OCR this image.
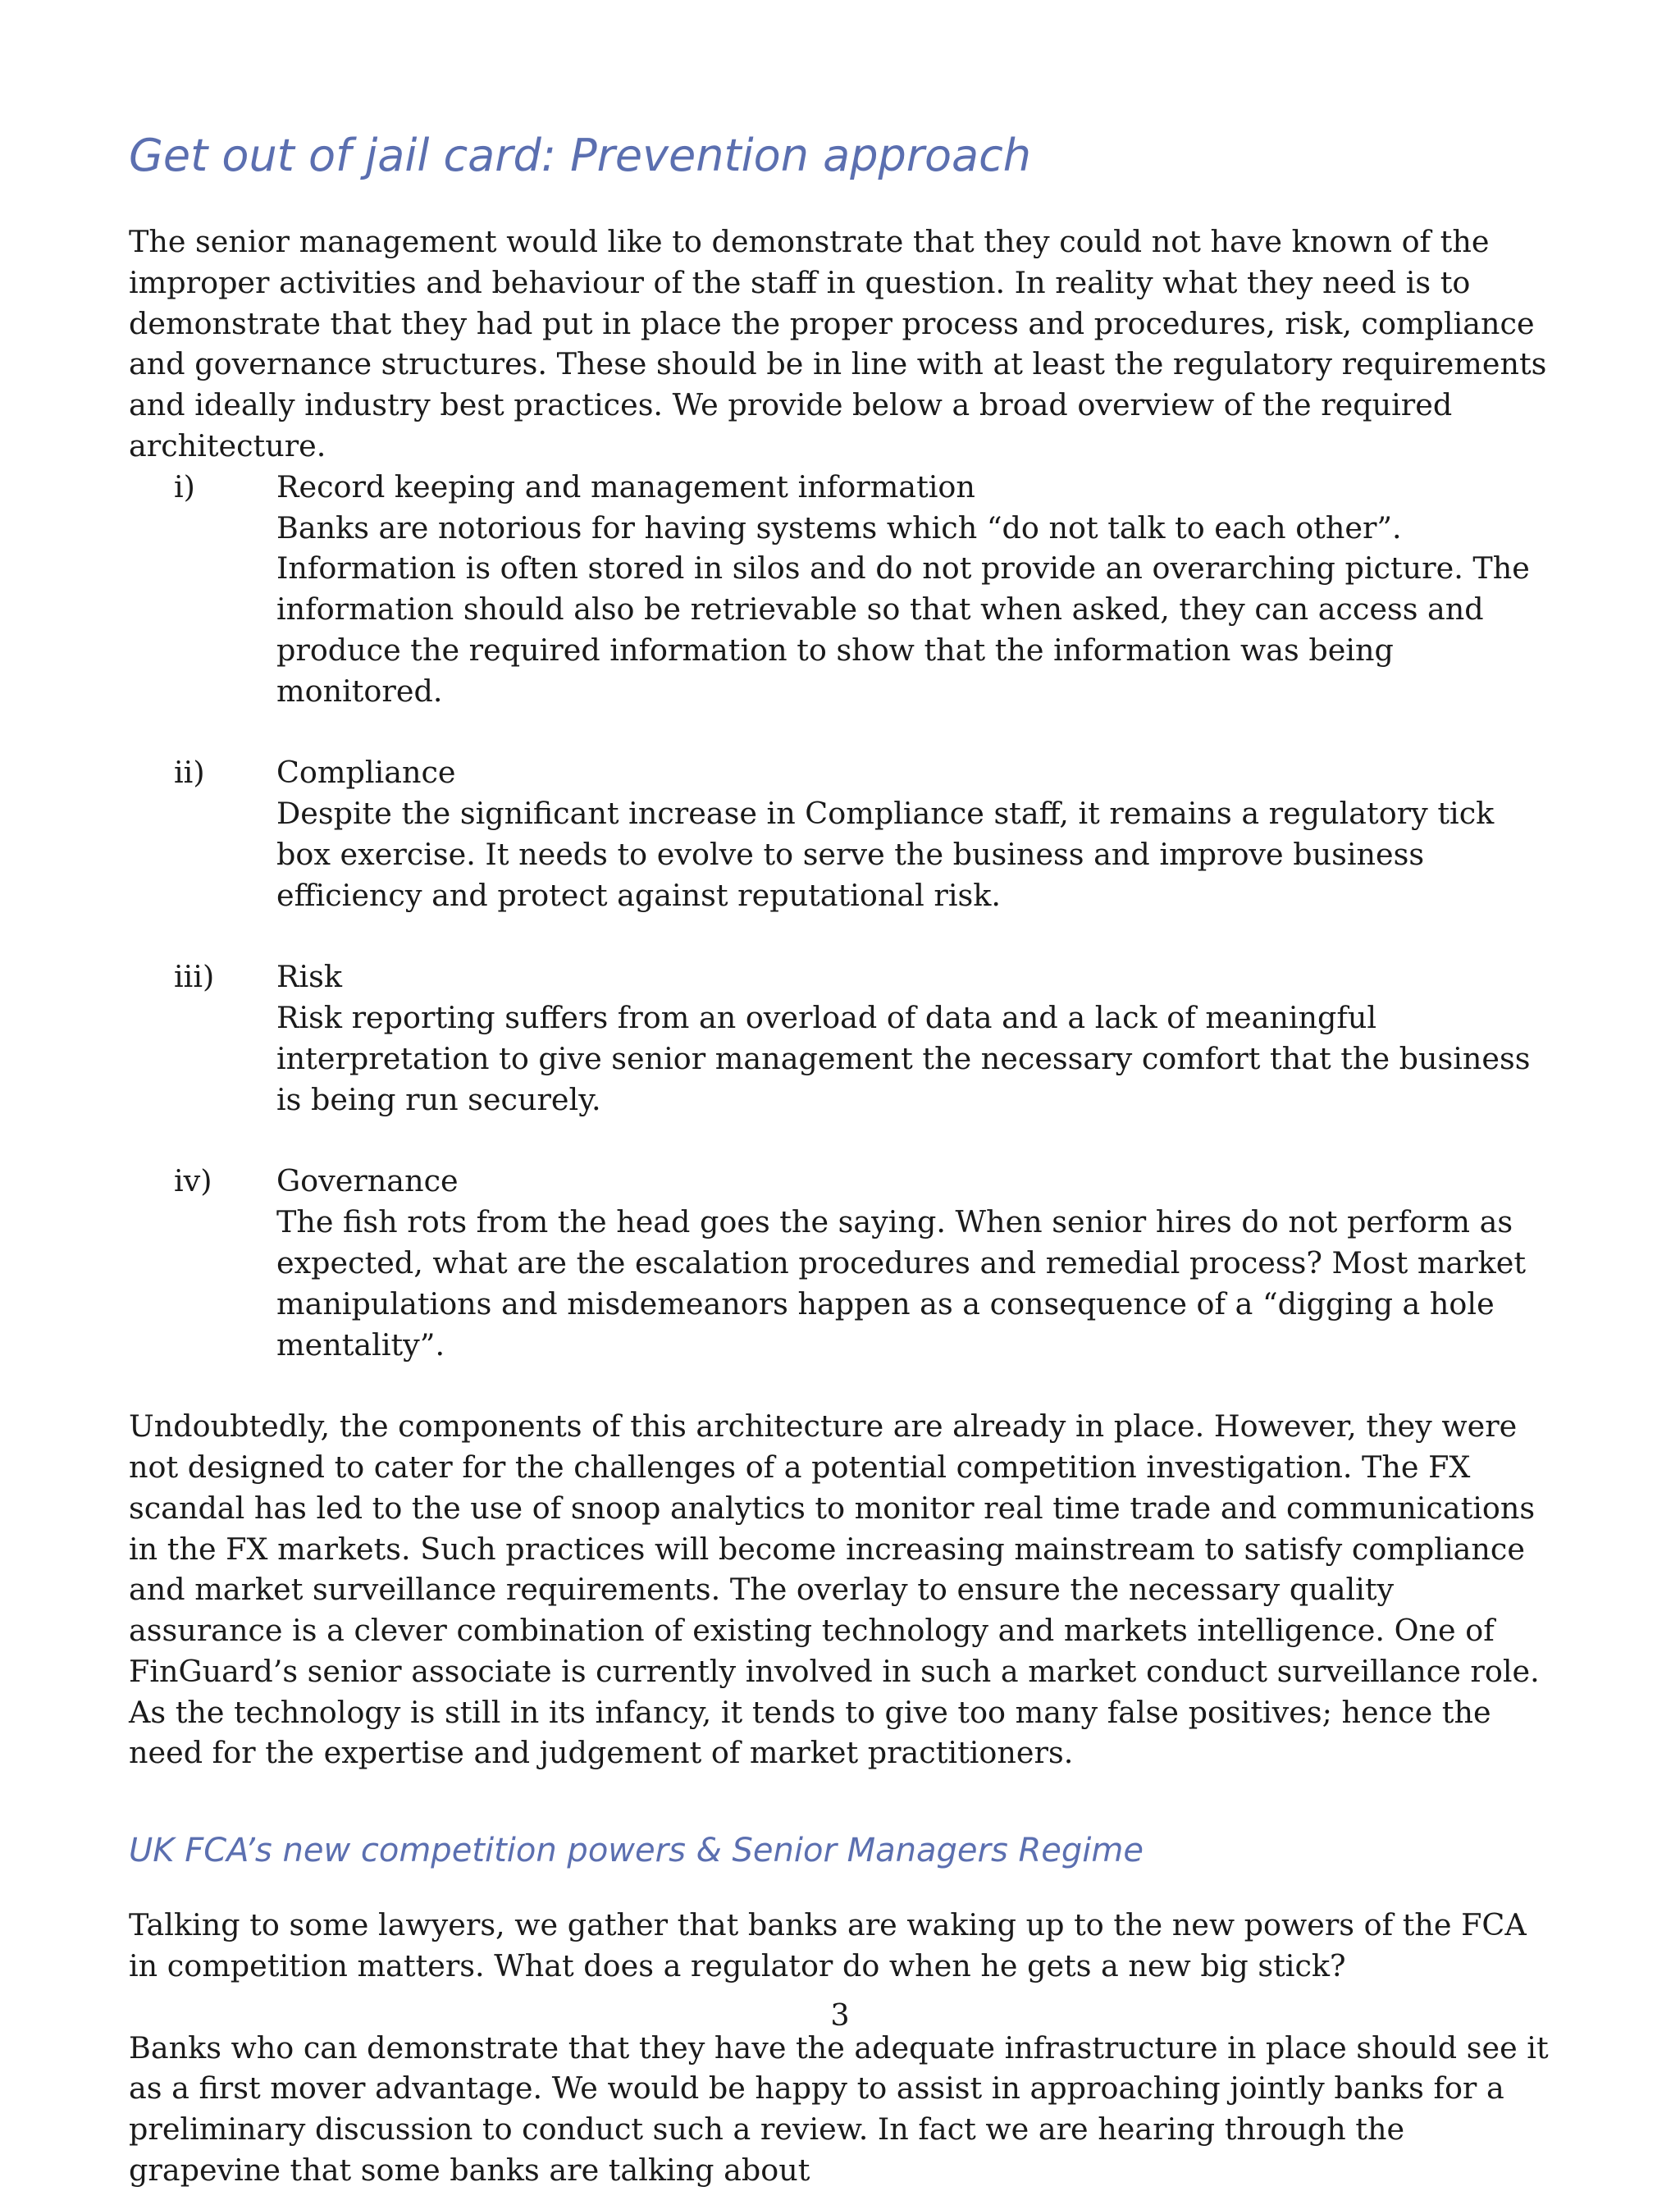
Get out of jail card: Prevention approach

The senior management would like to demonstrate that they could not have known of the improper activities and behaviour of the staff in question. In reality what they need is to demonstrate that they had put in place the proper process and procedures, risk, compliance and governance structures. These should be in line with at least the regulatory requirements and ideally industry best practices. We provide below a broad overview of the required architecture.

i)	Record keeping and management information
Banks are notorious for having systems which “do not talk to each other”. Information is often stored in silos and do not provide an overarching picture. The information should also be retrievable so that when asked, they can access and produce the required information to show that the information was being monitored.
ii)	Compliance
Despite the significant increase in Compliance staff, it remains a regulatory tick box exercise. It needs to evolve to serve the business and improve business efficiency and protect against reputational risk.
iii)	Risk
Risk reporting suffers from an overload of data and a lack of meaningful interpretation to give senior management the necessary comfort that the business is being run securely.
iv)	Governance
The fish rots from the head goes the saying. When senior hires do not perform as expected, what are the escalation procedures and remedial process? Most market manipulations and misdemeanors happen as a consequence of a “digging a hole mentality”.

Undoubtedly, the components of this architecture are already in place. However, they were not designed to cater for the challenges of a potential competition investigation. The FX scandal has led to the use of snoop analytics to monitor real time trade and communications in the FX markets. Such practices will become increasing mainstream to satisfy compliance and market surveillance requirements. The overlay to ensure the necessary quality assurance is a clever combination of existing technology and markets intelligence. One of FinGuard’s senior associate is currently involved in such a market conduct surveillance role. As the technology is still in its infancy, it tends to give too many false positives; hence the need for the expertise and judgement of market practitioners.

UK FCA’s new competition powers & Senior Managers Regime

Talking to some lawyers, we gather that banks are waking up to the new powers of the FCA in competition matters. What does a regulator do when he gets a new big stick?

Banks who can demonstrate that they have the adequate infrastructure in place should see it as a first mover advantage. We would be happy to assist in approaching jointly banks for a preliminary discussion to conduct such a review. In fact we are hearing through the grapevine that some banks are talking about

3
